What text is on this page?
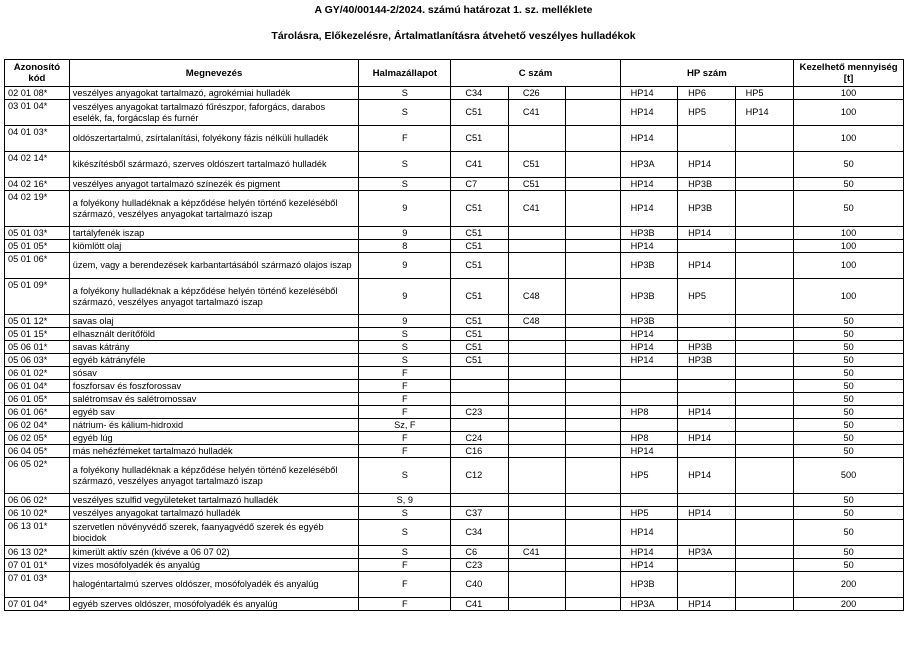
A GY/40/00144-2/2024. számú határozat 1. sz. melléklete
Tárolásra, Előkezelésre, Ártalmatlanításra átvehető veszélyes hulladékok
Azonosító kód	Megnevezés	Halmazállapot	C szám			HP szám			Kezelhető mennyiség [t]
02 01 08*	veszélyes anyagokat tartalmazó, agrokémiai hulladék	S	C34	C26		HP14	HP6	HP5	100
03 01 04*	veszélyes anyagokat tartalmazó fűrészpor, faforgács, darabos eselék, fa, forgácslap és furnér	S	C51	C41		HP14	HP5	HP14	100
04 01 03*	oldószertartalmú, zsírtalanítási, folyékony fázis nélküli hulladék	F	C51			HP14			100
04 02 14*	kikészítésből származó, szerves oldószert tartalmazó hulladék	S	C41	C51		HP3A	HP14		50
04 02 16*	veszélyes anyagot tartalmazó színezék és pigment	S	C7	C51		HP14	HP3B		50
04 02 19*	a folyékony hulladéknak a képződése helyén történő kezeléséből származó, veszélyes anyagokat tartalmazó iszap	9	C51	C41		HP14	HP3B		50
05 01 03*	tartályfenék iszap	9	C51			HP3B	HP14		100
05 01 05*	kiömlött olaj	8	C51			HP14			100
05 01 06*	üzem, vagy a berendezések karbantartásából származó olajos iszap	9	C51			HP3B	HP14		100
05 01 09*	a folyékony hulladéknak a képződése helyén történő kezeléséből származó, veszélyes anyagot tartalmazó iszap	9	C51	C48		HP3B	HP5		100
05 01 12*	savas olaj	9	C51	C48		HP3B			50
05 01 15*	elhasznált derítőföld	S	C51			HP14			50
05 06 01*	savas kátrány	S	C51			HP14	HP3B		50
05 06 03*	egyéb kátrányféle	S	C51			HP14	HP3B		50
06 01 02*	sósav	F							50
06 01 04*	foszforsav és foszforossav	F							50
06 01 05*	salétromsav és salétromossav	F							50
06 01 06*	egyéb sav	F	C23			HP8	HP14		50
06 02 04*	nátrium- és kálium-hidroxid	Sz, F							50
06 02 05*	egyéb lúg	F	C24			HP8	HP14		50
06 04 05*	más nehézfémeket tartalmazó hulladék	F	C16			HP14			50
06 05 02*	a folyékony hulladéknak a képződése helyén történő kezeléséből származó, veszélyes anyagot tartalmazó iszap	S	C12			HP5	HP14		500
06 06 02*	veszélyes szulfid vegyületeket tartalmazó hulladék	S, 9							50
06 10 02*	veszélyes anyagokat tartalmazó hulladék	S	C37			HP5	HP14		50
06 13 01*	szervetlen növényvédő szerek, faanyagvédő szerek és egyéb biocidok	S	C34			HP14			50
06 13 02*	kimerült aktív szén (kivéve a 06 07 02)	S	C6	C41		HP14	HP3A		50
07 01 01*	vizes mosófolyadék és anyalúg	F	C23			HP14			50
07 01 03*	halogéntartalmú szerves oldószer, mosófolyadék és anyalúg	F	C40			HP3B			200
07 01 04*	egyéb szerves oldószer, mosófolyadék és anyalúg	F	C41			HP3A	HP14		200
